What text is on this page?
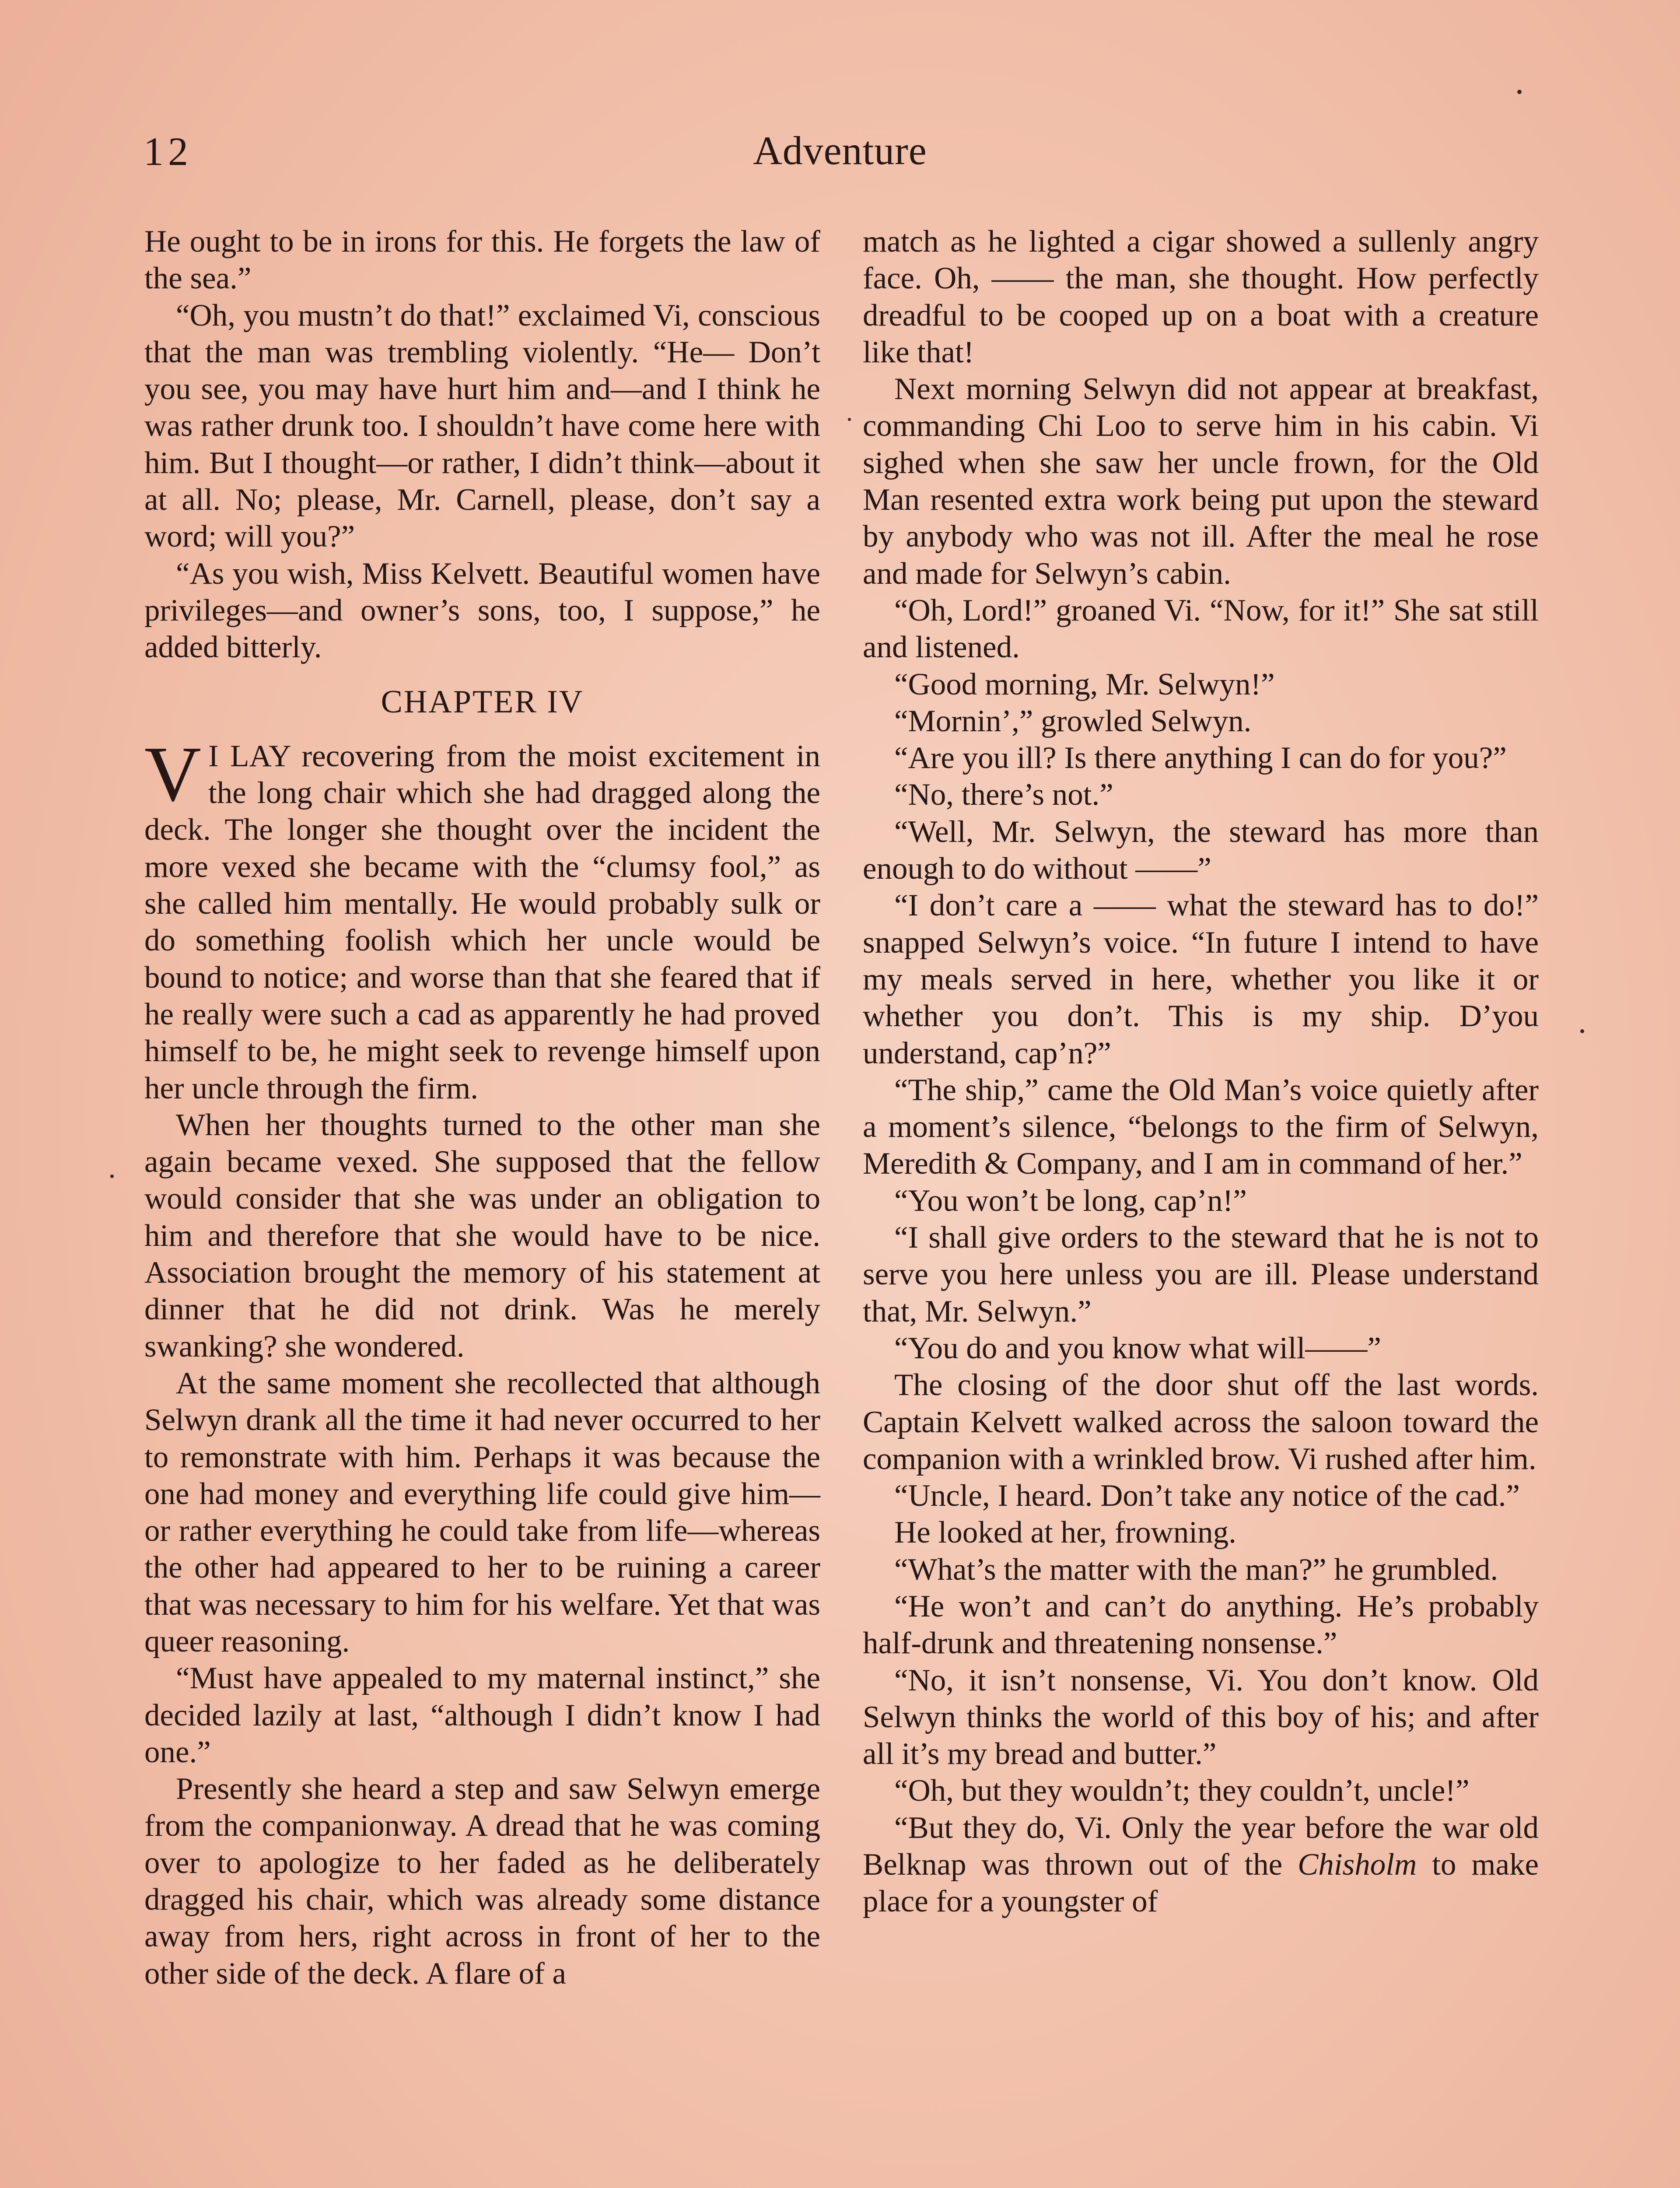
12	Adventure

He ought to be in irons for this. He forgets the law of the sea.”

“Oh, you mustn’t do that!” exclaimed Vi, conscious that the man was trembling violently. “He— Don’t you see, you may have hurt him and—and I think he was rather drunk too. I shouldn’t have come here with him. But I thought—or rather, I didn’t think—about it at all. No; please, Mr. Carnell, please, don’t say a word; will you?”

“As you wish, Miss Kelvett. Beautiful women have privileges—and owner’s sons, too, I suppose,” he added bitterly.

CHAPTER IV

V I LAY recovering from the moist excitement in the long chair which she had dragged along the deck. The longer she thought over the incident the more vexed she became with the “clumsy fool,” as she called him mentally. He would probably sulk or do something foolish which her uncle would be bound to notice; and worse than that she feared that if he really were such a cad as apparently he had proved himself to be, he might seek to revenge himself upon her uncle through the firm.

When her thoughts turned to the other man she again became vexed. She supposed that the fellow would consider that she was under an obligation to him and therefore that she would have to be nice. Association brought the memory of his statement at dinner that he did not drink. Was he merely swanking? she wondered.

At the same moment she recollected that although Selwyn drank all the time it had never occurred to her to remonstrate with him. Perhaps it was because the one had money and everything life could give him—or rather everything he could take from life—whereas the other had appeared to her to be ruining a career that was necessary to him for his welfare. Yet that was queer reasoning.

“Must have appealed to my maternal instinct,” she decided lazily at last, “although I didn’t know I had one.”

Presently she heard a step and saw Selwyn emerge from the companionway. A dread that he was coming over to apologize to her faded as he deliberately dragged his chair, which was already some distance away from hers, right across in front of her to the other side of the deck. A flare of a

match as he lighted a cigar showed a sullenly angry face. Oh, —— the man, she thought. How perfectly dreadful to be cooped up on a boat with a creature like that!

Next morning Selwyn did not appear at breakfast, commanding Chi Loo to serve him in his cabin. Vi sighed when she saw her uncle frown, for the Old Man resented extra work being put upon the steward by anybody who was not ill. After the meal he rose and made for Selwyn’s cabin.

“Oh, Lord!” groaned Vi. “Now, for it!” She sat still and listened.

“Good morning, Mr. Selwyn!”

“Mornin’,” growled Selwyn.

“Are you ill? Is there anything I can do for you?”

“No, there’s not.”

“Well, Mr. Selwyn, the steward has more than enough to do without ——”

“I don’t care a —— what the steward has to do!” snapped Selwyn’s voice. “In future I intend to have my meals served in here, whether you like it or whether you don’t. This is my ship. D’you understand, cap’n?”

“The ship,” came the Old Man’s voice quietly after a moment’s silence, “belongs to the firm of Selwyn, Meredith & Company, and I am in command of her.”

“You won’t be long, cap’n!”

“I shall give orders to the steward that he is not to serve you here unless you are ill. Please understand that, Mr. Selwyn.”

“You do and you know what will——”

The closing of the door shut off the last words. Captain Kelvett walked across the saloon toward the companion with a wrinkled brow. Vi rushed after him.

“Uncle, I heard. Don’t take any notice of the cad.”

He looked at her, frowning.

“What’s the matter with the man?” he grumbled.

“He won’t and can’t do anything. He’s probably half-drunk and threatening nonsense.”

“No, it isn’t nonsense, Vi. You don’t know. Old Selwyn thinks the world of this boy of his; and after all it’s my bread and butter.”

“Oh, but they wouldn’t; they couldn’t, uncle!”

“But they do, Vi. Only the year before the war old Belknap was thrown out of the Chisholm to make place for a youngster of
